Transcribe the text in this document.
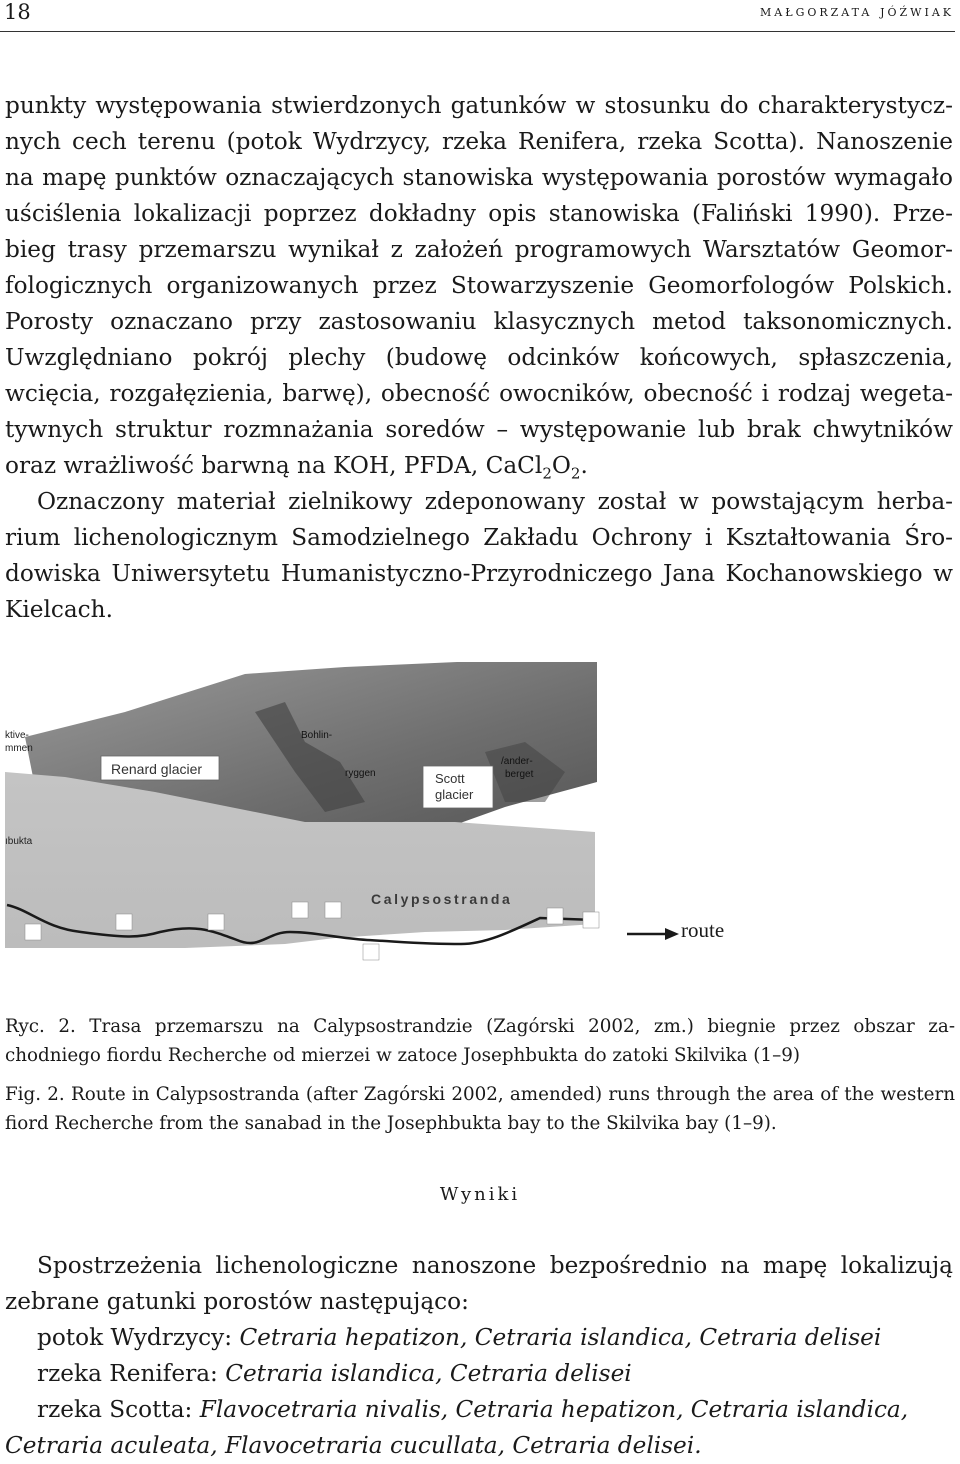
18	małgorzata jóźwiak

punkty występowania stwierdzonych gatunków w stosunku do charakterystycz- nych cech terenu (potok Wydrzycy, rzeka Renifera, rzeka Scotta). Nanoszenie na mapę punktów oznaczających stanowiska występowania porostów wymagało uściślenia lokalizacji poprzez dokładny opis stanowiska (Faliński 1990). Prze- bieg trasy przemarszu wynikał z założeń programowych Warsztatów Geomor- fologicznych organizowanych przez Stowarzyszenie Geomorfologów Polskich. Porosty oznaczano przy zastosowaniu klasycznych metod taksonomicznych. Uwzględniano pokrój plechy (budowę odcinków końcowych, spłaszczenia, wcięcia, rozgałęzienia, barwę), obecność owocników, obecność i rodzaj wegeta- tywnych struktur rozmnażania soredów – występowanie lub brak chwytników oraz wrażliwość barwną na KOH, PFDA, $CaCl_2O_2$.

Oznaczony materiał zielnikowy zdeponowany został w powstającym herba- rium lichenologicznym Samodzielnego Zakładu Ochrony i Kształtowania Śro- dowiska Uniwersytetu Humanistyczno-Przyrodniczego Jana Kochanowskiego w Kielcach.

Renard glacier
Scott
glacier
Calypsostranda
ktive-
mmen
ıbukta
Bohlin-
ryggen
/ander-
berget
route
Ryc. 2. Trasa przemarszu na Calypsostrandzie (Zagórski 2002, zm.) biegnie przez obszar za- chodniego fiordu Recherche od mierzei w zatoce Josephbukta do zatoki Skilvika (1–9)
Fig. 2. Route in Calypsostranda (after Zagórski 2002, amended) runs through the area of the western fiord Recherche from the sanabad in the Josephbukta bay to the Skilvika bay (1–9).
Wyniki

Spostrzeżenia lichenologiczne nanoszone bezpośrednio na mapę lokalizują zebrane gatunki porostów następująco:

potok Wydrzycy: Cetraria hepatizon, Cetraria islandica, Cetraria delisei

rzeka Renifera: Cetraria islandica, Cetraria delisei

rzeka Scotta: Flavocetraria nivalis, Cetraria hepatizon, Cetraria islandica,

Cetraria aculeata, Flavocetraria cucullata, Cetraria delisei.
